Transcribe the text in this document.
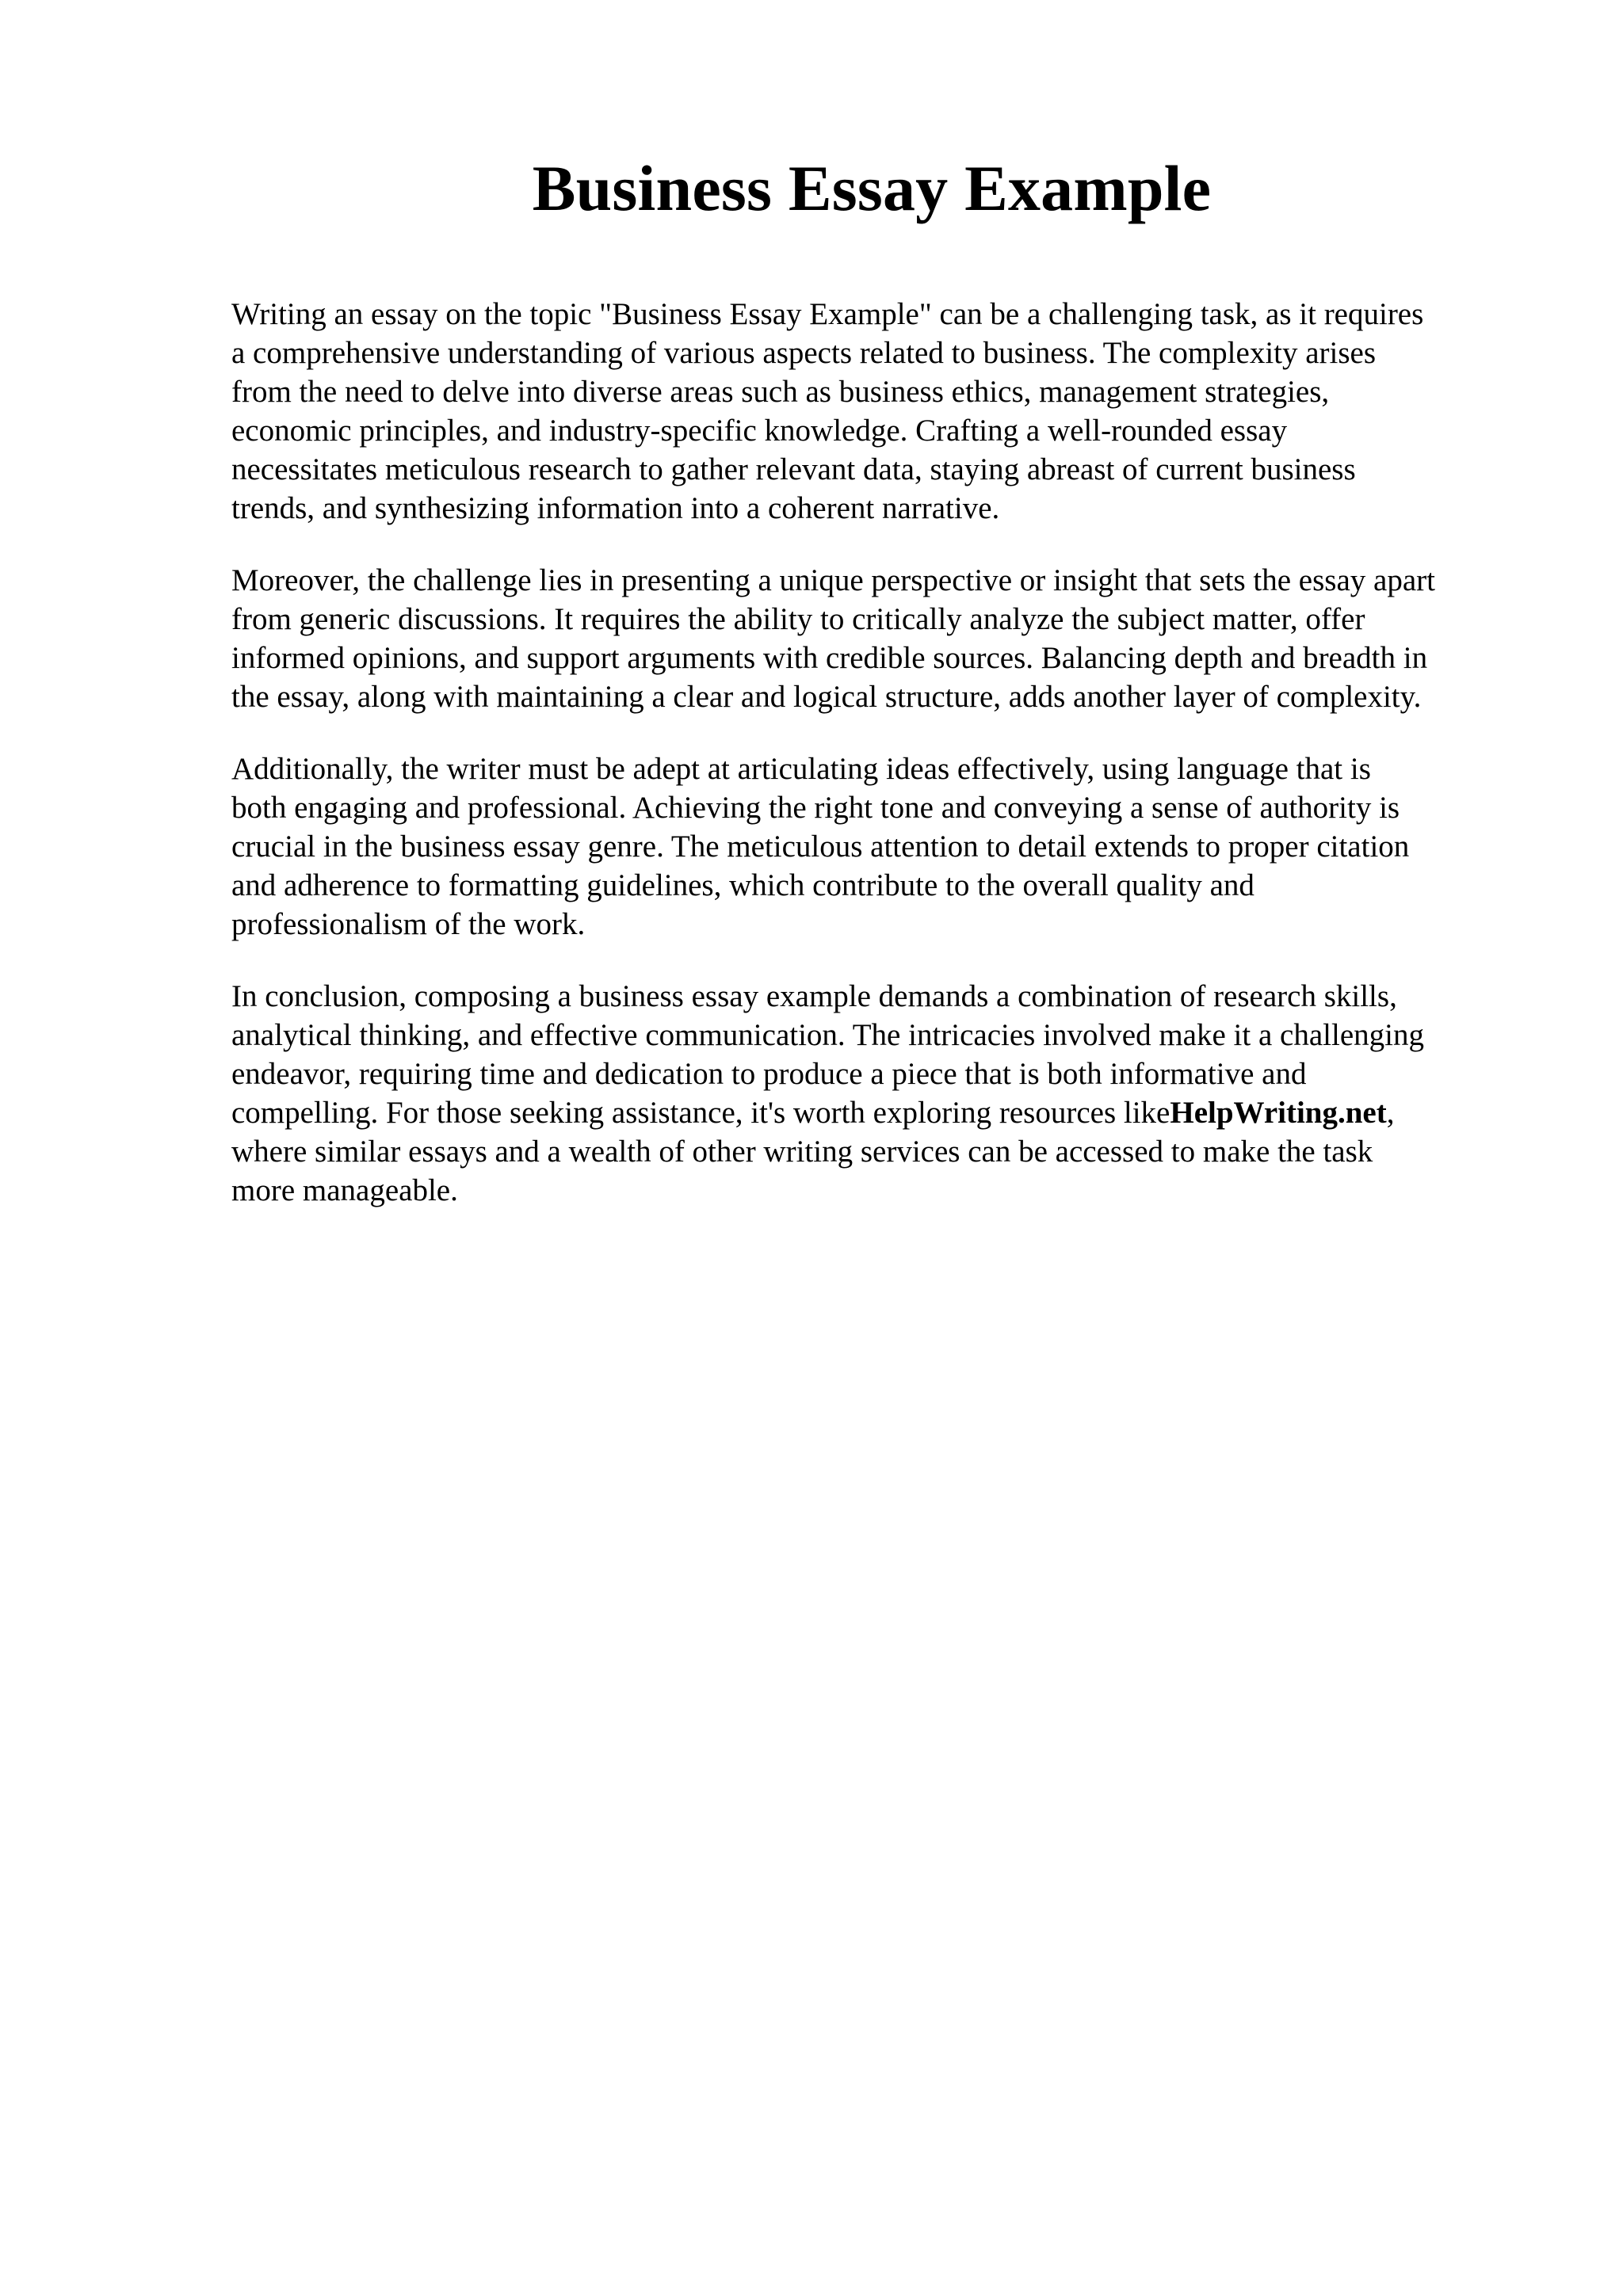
Business Essay Example

Writing an essay on the topic "Business Essay Example" can be a challenging task, as it requires
a comprehensive understanding of various aspects related to business. The complexity arises
from the need to delve into diverse areas such as business ethics, management strategies,
economic principles, and industry-specific knowledge. Crafting a well-rounded essay
necessitates meticulous research to gather relevant data, staying abreast of current business
trends, and synthesizing information into a coherent narrative.

Moreover, the challenge lies in presenting a unique perspective or insight that sets the essay apart
from generic discussions. It requires the ability to critically analyze the subject matter, offer
informed opinions, and support arguments with credible sources. Balancing depth and breadth in
the essay, along with maintaining a clear and logical structure, adds another layer of complexity.

Additionally, the writer must be adept at articulating ideas effectively, using language that is
both engaging and professional. Achieving the right tone and conveying a sense of authority is
crucial in the business essay genre. The meticulous attention to detail extends to proper citation
and adherence to formatting guidelines, which contribute to the overall quality and
professionalism of the work.

In conclusion, composing a business essay example demands a combination of research skills,
analytical thinking, and effective communication. The intricacies involved make it a challenging
endeavor, requiring time and dedication to produce a piece that is both informative and
compelling. For those seeking assistance, it's worth exploring resources likeHelpWriting.net,
where similar essays and a wealth of other writing services can be accessed to make the task
more manageable.
